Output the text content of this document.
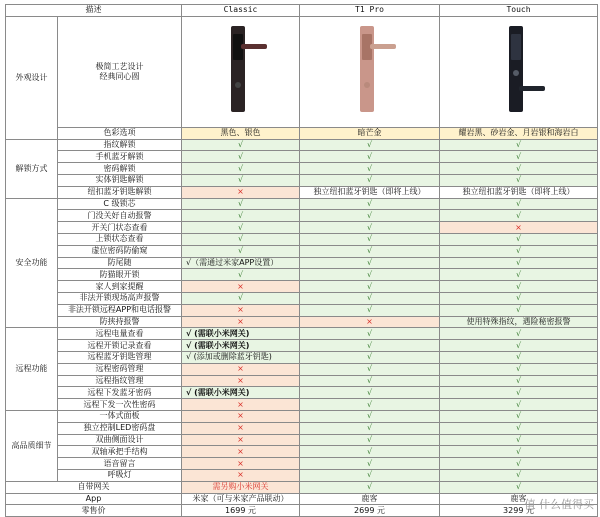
描述		Classic	T1 Pro	Touch
外观设计	极简工艺设计
经典同心圆			

	色彩选项	黑色、银色	暗芒金	耀岩黑、砂岩金、月岩银和海岩白
解锁方式	指纹解锁	√	√	√
	手机蓝牙解锁	√	√	√
	密码解锁	√	√	√
	实体钥匙解锁	√	√	√
	纽扣蓝牙钥匙解锁	×	独立纽扣蓝牙钥匙（即将上线）	独立纽扣蓝牙钥匙（即将上线）
安全功能	C 级锁芯	√	√	√
	门没关好自动报警	√	√	√
	开关门状态查看	√	√	×
	上锁状态查看	√	√	√
	虚位密码防偷窥	√	√	√
	防尾随	√（需通过米家APP设置）	√	√
	防猫眼开锁	√	√	√
	家人到家提醒	×	√	√
	非法开锁现场高声报警	√	√	√
	非法开锁远程APP和电话报警	×	√	√
	防挟持报警	×	×	使用特殊指纹，遇险秘密报警
远程功能	远程电量查看	√ (需联小米网关)	√	√
	远程开锁记录查看	√ (需联小米网关)	√	√
	远程蓝牙钥匙管理	√ (添加或删除蓝牙钥匙)	√	√
	远程密码管理	×	√	√
	远程指纹管理	×	√	√
	远程下发蓝牙密码	√ (需联小米网关)	√	√
	远程下发一次性密码	×	√	√
高品质细节	一体式面板	×	√	√
	独立控制LED密码盘	×	√	√
	双曲侧面设计	×	√	√
	双轴承把手结构	×	√	√
	语音留言	×	√	√
	呼吸灯	×	√	√
自带网关		需另购小米网关	√	√
App		米家（可与米家产品联动）	鹿客	鹿客
零售价		1699 元	2699 元	3299 元
值 什么值得买
